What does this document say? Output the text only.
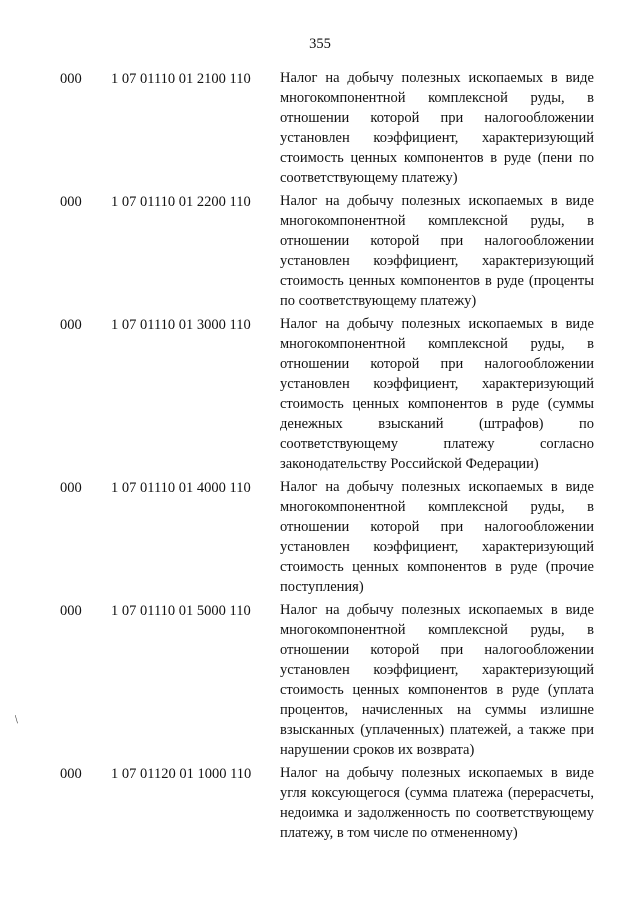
355
000 1 07 01110 01 2100 110 Налог на добычу полезных ископаемых в виде многокомпонентной комплексной руды, в отношении которой при налогообложении установлен коэффициент, характеризующий стоимость ценных компонентов в руде (пени по соответствующему платежу)
000 1 07 01110 01 2200 110 Налог на добычу полезных ископаемых в виде многокомпонентной комплексной руды, в отношении которой при налогообложении установлен коэффициент, характеризующий стоимость ценных компонентов в руде (проценты по соответствующему платежу)
000 1 07 01110 01 3000 110 Налог на добычу полезных ископаемых в виде многокомпонентной комплексной руды, в отношении которой при налогообложении установлен коэффициент, характеризующий стоимость ценных компонентов в руде (суммы денежных взысканий (штрафов) по соответствующему платежу согласно законодательству Российской Федерации)
000 1 07 01110 01 4000 110 Налог на добычу полезных ископаемых в виде многокомпонентной комплексной руды, в отношении которой при налогообложении установлен коэффициент, характеризующий стоимость ценных компонентов в руде (прочие поступления)
000 1 07 01110 01 5000 110 Налог на добычу полезных ископаемых в виде многокомпонентной комплексной руды, в отношении которой при налогообложении установлен коэффициент, характеризующий стоимость ценных компонентов в руде (уплата процентов, начисленных на суммы излишне взысканных (уплаченных) платежей, а также при нарушении сроков их возврата)
000 1 07 01120 01 1000 110 Налог на добычу полезных ископаемых в виде угля коксующегося (сумма платежа (перерасчеты, недоимка и задолженность по соответствующему платежу, в том числе по отмененному)
/
